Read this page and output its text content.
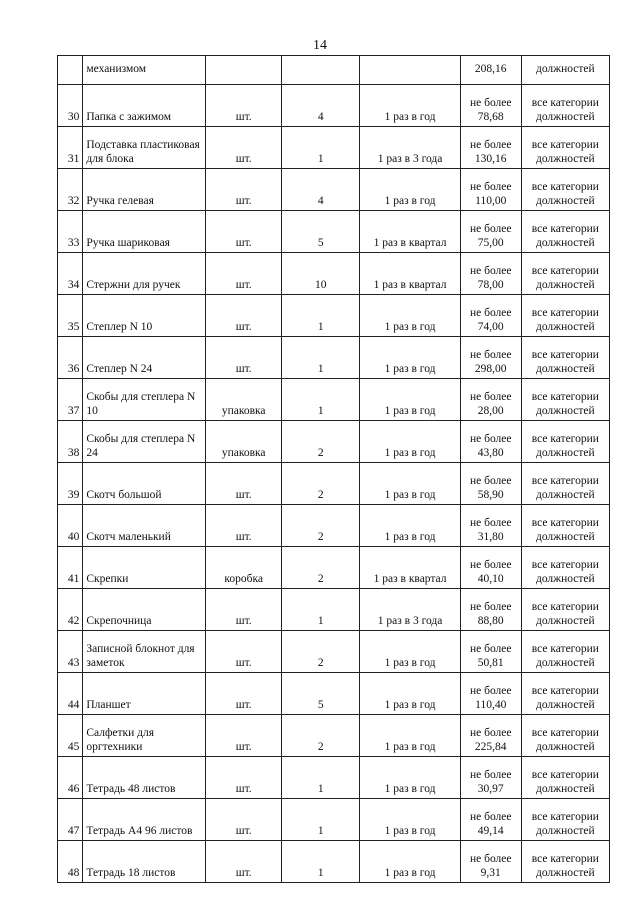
14
	механизмом				208,16	должностей
30	Папка с зажимом	шт.	4	1 раз в год	не более 78,68	все категории должностей
31	Подставка пластиковая для блока	шт.	1	1 раз в 3 года	не более 130,16	все категории должностей
32	Ручка гелевая	шт.	4	1 раз в год	не более 110,00	все категории должностей
33	Ручка шариковая	шт.	5	1 раз в квартал	не более 75,00	все категории должностей
34	Стержни для ручек	шт.	10	1 раз в квартал	не более 78,00	все категории должностей
35	Степлер N 10	шт.	1	1 раз в год	не более 74,00	все категории должностей
36	Степлер N 24	шт.	1	1 раз в год	не более 298,00	все категории должностей
37	Скобы для степлера N 10	упаковка	1	1 раз в год	не более 28,00	все категории должностей
38	Скобы для степлера N 24	упаковка	2	1 раз в год	не более 43,80	все категории должностей
39	Скотч большой	шт.	2	1 раз в год	не более 58,90	все категории должностей
40	Скотч маленький	шт.	2	1 раз в год	не более 31,80	все категории должностей
41	Скрепки	коробка	2	1 раз в квартал	не более 40,10	все категории должностей
42	Скрепочница	шт.	1	1 раз в 3 года	не более 88,80	все категории должностей
43	Записной блокнот для заметок	шт.	2	1 раз в год	не более 50,81	все категории должностей
44	Планшет	шт.	5	1 раз в год	не более 110,40	все категории должностей
45	Салфетки для оргтехники	шт.	2	1 раз в год	не более 225,84	все категории должностей
46	Тетрадь 48 листов	шт.	1	1 раз в год	не более 30,97	все категории должностей
47	Тетрадь А4 96 листов	шт.	1	1 раз в год	не более 49,14	все категории должностей
48	Тетрадь 18 листов	шт.	1	1 раз в год	не более 9,31	все категории должностей
